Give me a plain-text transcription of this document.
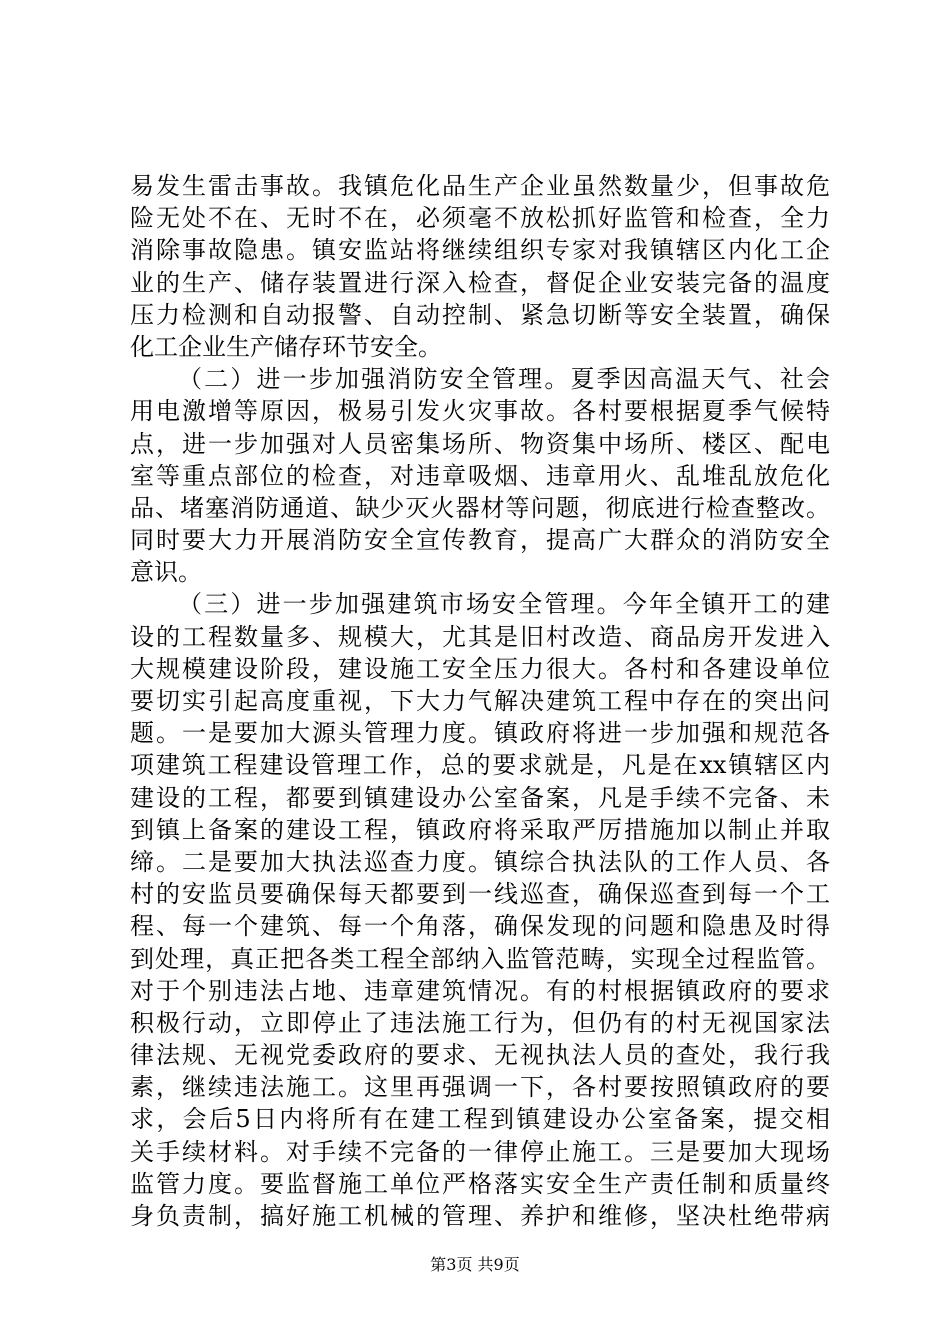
易发生雷击事故。我镇危化品生产企业虽然数量少，但事故危
险无处不在、无时不在，必须毫不放松抓好监管和检查，全力
消除事故隐患。镇安监站将继续组织专家对我镇辖区内化工企
业的生产、储存装置进行深入检查，督促企业安装完备的温度
压力检测和自动报警、自动控制、紧急切断等安全装置，确保
化工企业生产储存环节安全。
（二）进一步加强消防安全管理。夏季因高温天气、社会
用电激增等原因，极易引发火灾事故。各村要根据夏季气候特
点，进一步加强对人员密集场所、物资集中场所、楼区、配电
室等重点部位的检查，对违章吸烟、违章用火、乱堆乱放危化
品、堵塞消防通道、缺少灭火器材等问题，彻底进行检查整改。
同时要大力开展消防安全宣传教育，提高广大群众的消防安全
意识。
（三）进一步加强建筑市场安全管理。今年全镇开工的建
设的工程数量多、规模大，尤其是旧村改造、商品房开发进入
大规模建设阶段，建设施工安全压力很大。各村和各建设单位
要切实引起高度重视，下大力气解决建筑工程中存在的突出问
题。一是要加大源头管理力度。镇政府将进一步加强和规范各
项建筑工程建设管理工作，总的要求就是，凡是在xx镇辖区内
建设的工程，都要到镇建设办公室备案，凡是手续不完备、未
到镇上备案的建设工程，镇政府将采取严厉措施加以制止并取
缔。二是要加大执法巡查力度。镇综合执法队的工作人员、各
村的安监员要确保每天都要到一线巡查，确保巡查到每一个工
程、每一个建筑、每一个角落，确保发现的问题和隐患及时得
到处理，真正把各类工程全部纳入监管范畴，实现全过程监管。
对于个别违法占地、违章建筑情况。有的村根据镇政府的要求
积极行动，立即停止了违法施工行为，但仍有的村无视国家法
律法规、无视党委政府的要求、无视执法人员的查处，我行我
素，继续违法施工。这里再强调一下，各村要按照镇政府的要
求，会后5日内将所有在建工程到镇建设办公室备案，提交相
关手续材料。对手续不完备的一律停止施工。三是要加大现场
监管力度。要监督施工单位严格落实安全生产责任制和质量终
身负责制，搞好施工机械的管理、养护和维修，坚决杜绝带病
第3页 共9页
